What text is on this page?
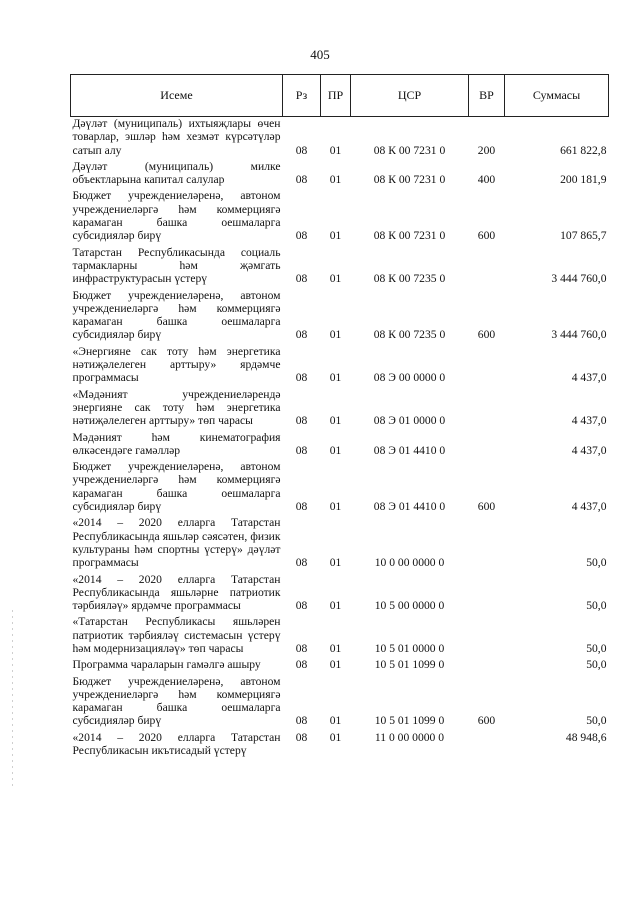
405
Исеме	Рз	ПР	ЦСР	ВР	Суммасы
Дәүләт (муниципаль) ихтыяҗлары өчен товарлар, эшләр һәм хезмәт күрсәтүләр сатып алу	08	01	08 К 00 7231 0	200	661 822,8
Дәүләт (муниципаль) милке объектларына капитал салулар	08	01	08 К 00 7231 0	400	200 181,9
Бюджет учреждениеләренә, автоном учреждениеләргә һәм коммерциягә карамаган башка оешмаларга субсидияләр бирү	08	01	08 К 00 7231 0	600	107 865,7
Татарстан Республикасында социаль тармакларны һәм җәмгать инфраструктурасын үстерү	08	01	08 К 00 7235 0		3 444 760,0
Бюджет учреждениеләренә, автоном учреждениеләргә һәм коммерциягә карамаган башка оешмаларга субсидияләр бирү	08	01	08 К 00 7235 0	600	3 444 760,0
«Энергияне сак тоту һәм энергетика нәтиҗәлелеген арттыру» ярдәмче программасы	08	01	08 Э 00 0000 0		4 437,0
«Мәдәният учреждениеләрендә энергияне сак тоту һәм энергетика нәтиҗәлелеген арттыру» төп чарасы	08	01	08 Э 01 0000 0		4 437,0
Мәдәният һәм кинематография өлкәсендәге гамәлләр	08	01	08 Э 01 4410 0		4 437,0
Бюджет учреждениеләренә, автоном учреждениеләргә һәм коммерциягә карамаган башка оешмаларга субсидияләр бирү	08	01	08 Э 01 4410 0	600	4 437,0
«2014 – 2020 елларга Татарстан Республикасында яшьләр сәясәтен, физик культураны һәм спортны үстерү» дәүләт программасы	08	01	10 0 00 0000 0		50,0
«2014 – 2020 елларга Татарстан Республикасында яшьләрне патриотик тәрбияләү» ярдәмче программасы	08	01	10 5 00 0000 0		50,0
«Татарстан Республикасы яшьләрен патриотик тәрбияләү системасын үстерү һәм модернизацияләү» төп чарасы	08	01	10 5 01 0000 0		50,0
Программа чараларын гамәлгә ашыру	08	01	10 5 01 1099 0		50,0
Бюджет учреждениеләренә, автоном учреждениеләргә һәм коммерциягә карамаган башка оешмаларга субсидияләр бирү	08	01	10 5 01 1099 0	600	50,0
«2014 – 2020 елларга Татарстан Республикасын икътисадый үстерү	08	01	11 0 00 0000 0		48 948,6
